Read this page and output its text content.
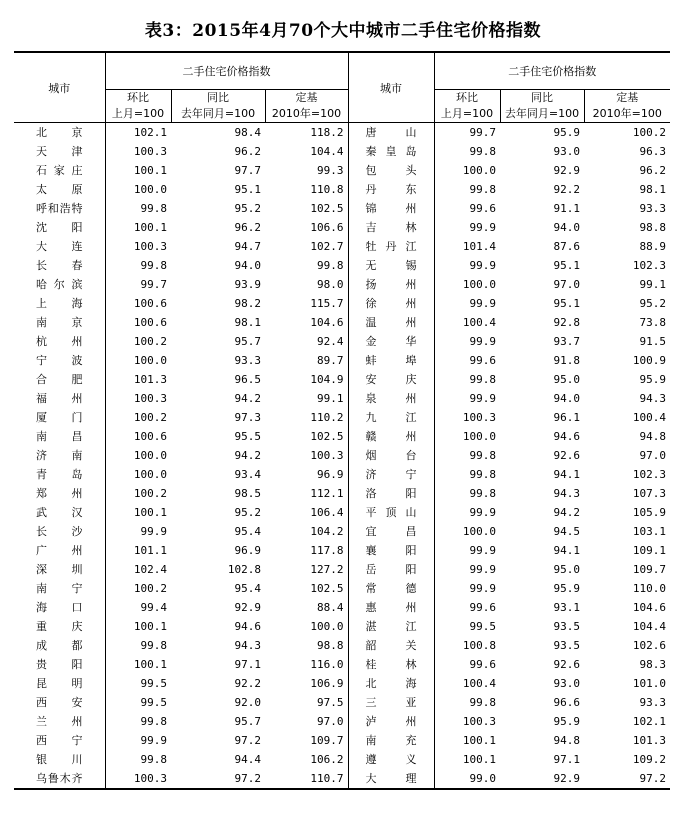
表3：2015年4月70个大中城市二手住宅价格指数
城市	二手住宅价格指数			城市	二手住宅价格指数		
	环比	同比	定基		环比	同比	定基
	上月=100	去年同月=100	2010年=100		上月=100	去年同月=100	2010年=100
北　京	102.1	98.4	118.2	唐　山	99.7	95.9	100.2
天　津	100.3	96.2	104.4	秦皇岛	99.8	93.0	96.3
石家庄	100.1	97.7	99.3	包　头	100.0	92.9	96.2
太　原	100.0	95.1	110.8	丹　东	99.8	92.2	98.1
呼和浩特	99.8	95.2	102.5	锦　州	99.6	91.1	93.3
沈　阳	100.1	96.2	106.6	吉　林	99.9	94.0	98.8
大　连	100.3	94.7	102.7	牡丹江	101.4	87.6	88.9
长　春	99.8	94.0	99.8	无　锡	99.9	95.1	102.3
哈尔滨	99.7	93.9	98.0	扬　州	100.0	97.0	99.1
上　海	100.6	98.2	115.7	徐　州	99.9	95.1	95.2
南　京	100.6	98.1	104.6	温　州	100.4	92.8	73.8
杭　州	100.2	95.7	92.4	金　华	99.9	93.7	91.5
宁　波	100.0	93.3	89.7	蚌　埠	99.6	91.8	100.9
合　肥	101.3	96.5	104.9	安　庆	99.8	95.0	95.9
福　州	100.3	94.2	99.1	泉　州	99.9	94.0	94.3
厦　门	100.2	97.3	110.2	九　江	100.3	96.1	100.4
南　昌	100.6	95.5	102.5	赣　州	100.0	94.6	94.8
济　南	100.0	94.2	100.3	烟　台	99.8	92.6	97.0
青　岛	100.0	93.4	96.9	济　宁	99.8	94.1	102.3
郑　州	100.2	98.5	112.1	洛　阳	99.8	94.3	107.3
武　汉	100.1	95.2	106.4	平顶山	99.9	94.2	105.9
长　沙	99.9	95.4	104.2	宜　昌	100.0	94.5	103.1
广　州	101.1	96.9	117.8	襄　阳	99.9	94.1	109.1
深　圳	102.4	102.8	127.2	岳　阳	99.9	95.0	109.7
南　宁	100.2	95.4	102.5	常　德	99.9	95.9	110.0
海　口	99.4	92.9	88.4	惠　州	99.6	93.1	104.6
重　庆	100.1	94.6	100.0	湛　江	99.5	93.5	104.4
成　都	99.8	94.3	98.8	韶　关	100.8	93.5	102.6
贵　阳	100.1	97.1	116.0	桂　林	99.6	92.6	98.3
昆　明	99.5	92.2	106.9	北　海	100.4	93.0	101.0
西　安	99.5	92.0	97.5	三　亚	99.8	96.6	93.3
兰　州	99.8	95.7	97.0	泸　州	100.3	95.9	102.1
西　宁	99.9	97.2	109.7	南　充	100.1	94.8	101.3
银　川	99.8	94.4	106.2	遵　义	100.1	97.1	109.2
乌鲁木齐	100.3	97.2	110.7	大　理	99.0	92.9	97.2
